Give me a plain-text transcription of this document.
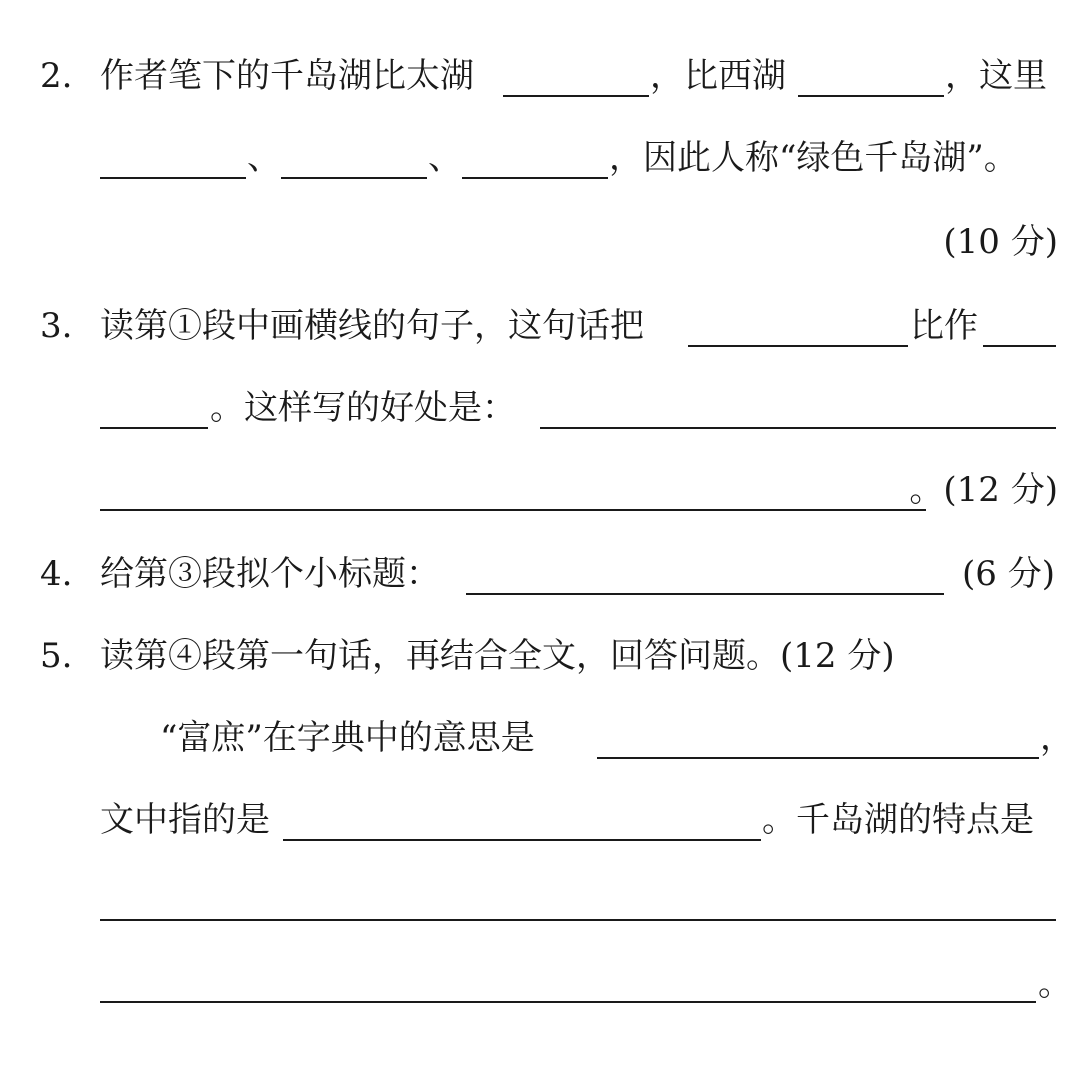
2. 作者笔下的千岛湖比太湖	，比西湖	，这里
、	、	，因此人称“绿色千岛湖”。
(10 分)
3. 读第①段中画横线的句子，这句话把	比作
。这样写的好处是：
。(12 分)
4. 给第③段拟个小标题：	(6 分)
5. 读第④段第一句话，再结合全文，回答问题。(12 分)
“富庶”在字典中的意思是	，
文中指的是	。千岛湖的特点是
。
